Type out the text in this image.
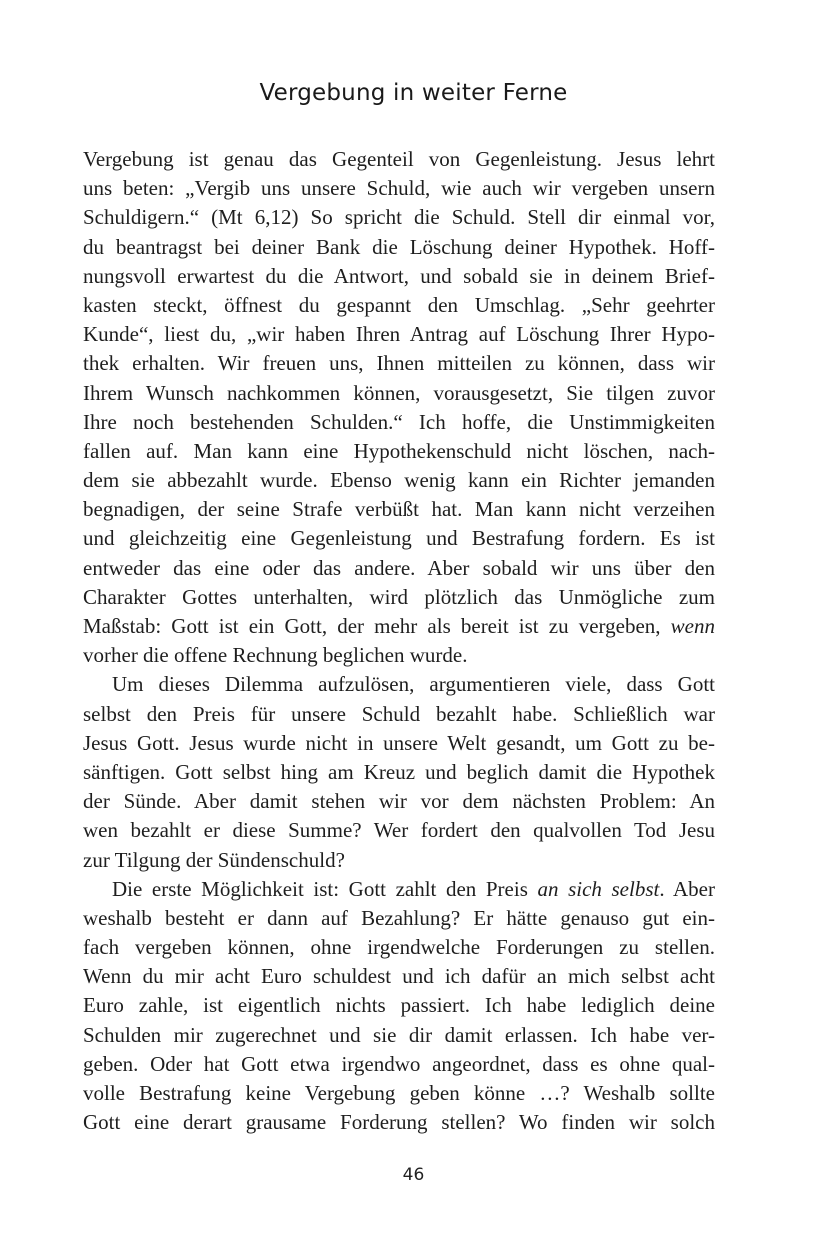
Vergebung in weiter Ferne
Vergebung ist genau das Gegenteil von Gegenleistung. Jesus lehrt
uns beten: „Vergib uns unsere Schuld, wie auch wir vergeben unsern
Schuldigern.“ (Mt 6,12) So spricht die Schuld. Stell dir einmal vor,
du beantragst bei deiner Bank die Löschung deiner Hypothek. Hoff-
nungsvoll erwartest du die Antwort, und sobald sie in deinem Brief-
kasten steckt, öffnest du gespannt den Umschlag. „Sehr geehrter
Kunde“, liest du, „wir haben Ihren Antrag auf Löschung Ihrer Hypo-
thek erhalten. Wir freuen uns, Ihnen mitteilen zu können, dass wir
Ihrem Wunsch nachkommen können, vorausgesetzt, Sie tilgen zuvor
Ihre noch bestehenden Schulden.“ Ich hoffe, die Unstimmigkeiten
fallen auf. Man kann eine Hypothekenschuld nicht löschen, nach-
dem sie abbezahlt wurde. Ebenso wenig kann ein Richter jemanden
begnadigen, der seine Strafe verbüßt hat. Man kann nicht verzeihen
und gleichzeitig eine Gegenleistung und Bestrafung fordern. Es ist
entweder das eine oder das andere. Aber sobald wir uns über den
Charakter Gottes unterhalten, wird plötzlich das Unmögliche zum
Maßstab: Gott ist ein Gott, der mehr als bereit ist zu vergeben, wenn
vorher die offene Rechnung beglichen wurde.
Um dieses Dilemma aufzulösen, argumentieren viele, dass Gott
selbst den Preis für unsere Schuld bezahlt habe. Schließlich war
Jesus Gott. Jesus wurde nicht in unsere Welt gesandt, um Gott zu be-
sänftigen. Gott selbst hing am Kreuz und beglich damit die Hypothek
der Sünde. Aber damit stehen wir vor dem nächsten Problem: An
wen bezahlt er diese Summe? Wer fordert den qualvollen Tod Jesu
zur Tilgung der Sündenschuld?
Die erste Möglichkeit ist: Gott zahlt den Preis an sich selbst. Aber
weshalb besteht er dann auf Bezahlung? Er hätte genauso gut ein-
fach vergeben können, ohne irgendwelche Forderungen zu stellen.
Wenn du mir acht Euro schuldest und ich dafür an mich selbst acht
Euro zahle, ist eigentlich nichts passiert. Ich habe lediglich deine
Schulden mir zugerechnet und sie dir damit erlassen. Ich habe ver-
geben. Oder hat Gott etwa irgendwo angeordnet, dass es ohne qual-
volle Bestrafung keine Vergebung geben könne …? Weshalb sollte
Gott eine derart grausame Forderung stellen? Wo finden wir solch
46
